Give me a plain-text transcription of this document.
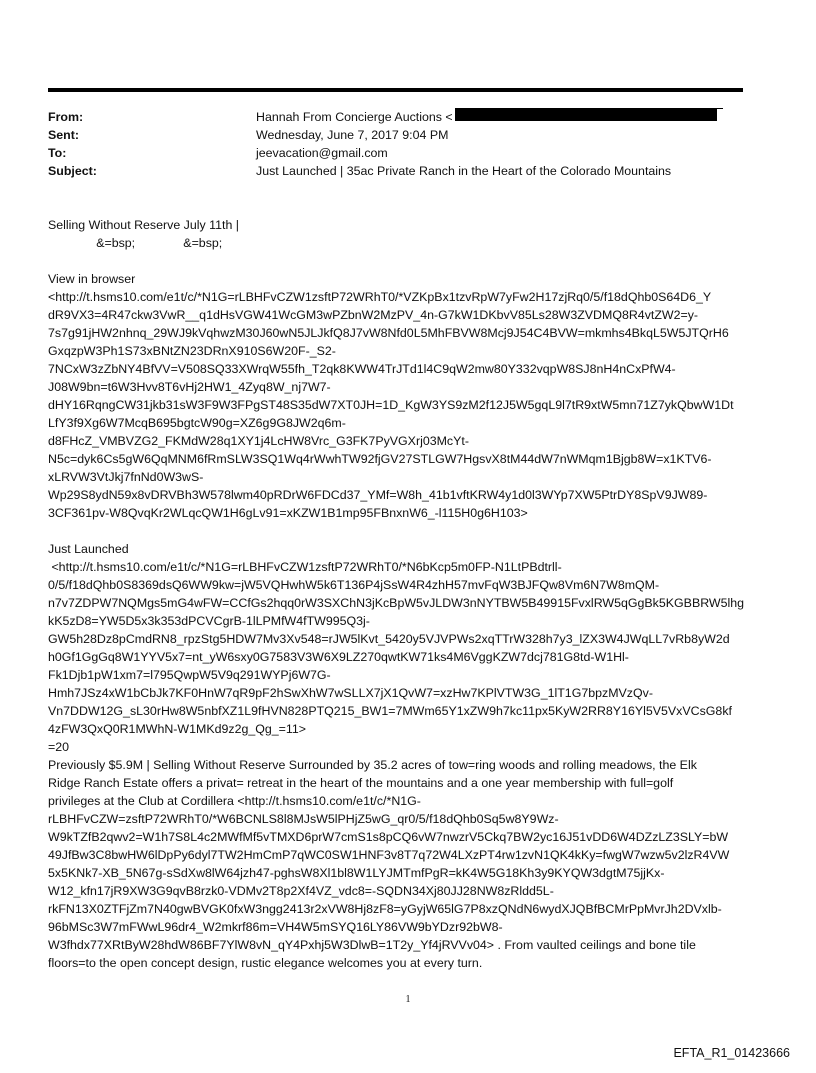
From:	Hannah From Concierge Auctions <
Sent:	Wednesday, June 7, 2017 9:04 PM
To:	jeevacation@gmail.com
Subject:	Just Launched | 35ac Private Ranch in the Heart of the Colorado Mountains
Selling Without Reserve July 11th |
&=bsp;              &=bsp;
View in browser
<http://t.hsms10.com/e1t/c/*N1G=rLBHFvCZW1zsftP72WRhT0/*VZKpBx1tzvRpW7yFw2H17zjRq0/5/f18dQhb0S64D6_Y
dR9VX3=4R47ckw3VwR__q1dHsVGW41WcGM3wPZbnW2MzPV_4n-G7kW1DKbvV85Ls28W3ZVDMQ8R4vtZW2=y-
7s7g91jHW2nhnq_29WJ9kVqhwzM30J60wN5JLJkfQ8J7vW8Nfd0L5MhFBVW8Mcj9J54C4BVW=mkmhs4BkqL5W5JTQrH6
GxqzpW3Ph1S73xBNtZN23DRnX910S6W20F-_S2-
7NCxW3zZbNY4BfVV=V508SQ33XWrqW55fh_T2qk8KWW4TrJTd1l4C9qW2mw80Y332vqpW8SJ8nH4nCxPfW4-
J08W9bn=t6W3Hvv8T6vHj2HW1_4Zyq8W_nj7W7-
dHY16RqngCW31jkb31sW3F9W3FPgST48S35dW7XT0JH=1D_KgW3YS9zM2f12J5W5gqL9l7tR9xtW5mn71Z7ykQbwW1Dt
LfY3f9Xg6W7McqB695bgtcW90g=XZ6g9G8JW2q6m-
d8FHcZ_VMBVZG2_FKMdW28q1XY1j4LcHW8Vrc_G3FK7PyVGXrj03McYt-
N5c=dyk6Cs5gW6QqMNM6fRmSLW3SQ1Wq4rWwhTW92fjGV27STLGW7HgsvX8tM44dW7nWMqm1Bjgb8W=x1KTV6-
xLRVW3VtJkj7fnNd0W3wS-
Wp29S8ydN59x8vDRVBh3W578lwm40pRDrW6FDCd37_YMf=W8h_41b1vftKRW4y1d0l3WYp7XW5PtrDY8SpV9JW89-
3CF361pv-W8QvqKr2WLqcQW1H6gLv91=xKZW1B1mp95FBnxnW6_-l115H0g6H103>
Just Launched
<http://t.hsms10.com/e1t/c/*N1G=rLBHFvCZW1zsftP72WRhT0/*N6bKcp5m0FP-N1LtPBdtrll-
0/5/f18dQhb0S8369dsQ6WW9kw=jW5VQHwhW5k6T136P4jSsW4R4zhH57mvFqW3BJFQw8Vm6N7W8mQM-
n7v7ZDPW7NQMgs5mG4wFW=CCfGs2hqq0rW3SXChN3jKcBpW5vJLDW3nNYTBW5B49915FvxlRW5qGgBk5KGBBRW5lhg
kK5zD8=YW5D5x3k353dPCVCgrB-1lLPMfW4fTW995Q3j-
GW5h28Dz8pCmdRN8_rpzStg5HDW7Mv3Xv548=rJW5lKvt_5420y5VJVPWs2xqTTrW328h7y3_lZX3W4JWqLL7vRb8yW2d
h0Gf1GgGq8W1YYV5x7=nt_yW6sxy0G7583V3W6X9LZ270qwtKW71ks4M6VggKZW7dcj781G8td-W1Hl-
Fk1Djb1pW1xm7=l795QwpW5V9q291WYPj6W7G-
Hmh7JSz4xW1bCbJk7KF0HnW7qR9pF2hSwXhW7wSLLX7jX1QvW7=xzHw7KPlVTW3G_1lT1G7bpzMVzQv-
Vn7DDW12G_sL30rHw8W5nbfXZ1L9fHVN828PTQ215_BW1=7MWm65Y1xZW9h7kc11px5KyW2RR8Y16Yl5V5VxVCsG8kf
4zFW3QxQ0R1MWhN-W1MKd9z2g_Qg_=11>
=20
Previously $5.9M | Selling Without Reserve Surrounded by 35.2 acres of tow=ring woods and rolling meadows, the Elk
Ridge Ranch Estate offers a privat= retreat in the heart of the mountains and a one year membership with full=golf
privileges at the Club at Cordillera <http://t.hsms10.com/e1t/c/*N1G-
rLBHFvCZW=zsftP72WRhT0/*W6BCNLS8l8MJsW5lPHjZ5wG_qr0/5/f18dQhb0Sq5w8Y9Wz-
W9kTZfB2qwv2=W1h7S8L4c2MWfMf5vTMXD6prW7cmS1s8pCQ6vW7nwzrV5Ckq7BW2yc16J51vDD6W4DZzLZ3SLY=bW
49JfBw3C8bwHW6lDpPy6dyl7TW2HmCmP7qWC0SW1HNF3v8T7q72W4LXzPT4rw1zvN1QK4kKy=fwgW7wzw5v2lzR4VW
5x5KNk7-XB_5N67g-sSdXw8lW64jzh47-pghsW8Xl1bl8W1LYJMTmfPgR=kK4W5G18Kh3y9KYQW3dgtM75jjKx-
W12_kfn17jR9XW3G9qvB8rzk0-VDMv2T8p2Xf4VZ_vdc8=-SQDN34Xj80JJ28NW8zRldd5L-
rkFN13X0ZTFjZm7N40gwBVGK0fxW3ngg2413r2xVW8Hj8zF8=yGyjW65lG7P8xzQNdN6wydXJQBfBCMrPpMvrJh2DVxlb-
96bMSc3W7mFWwL96dr4_W2mkrf86m=VH4W5mSYQ16LY86VW9bYDzr92bW8-
W3fhdx77XRtByW28hdW86BF7YlW8vN_qY4Pxhj5W3DlwB=1T2y_Yf4jRVVv04> . From vaulted ceilings and bone tile
floors=to the open concept design, rustic elegance welcomes you at every turn.
1
EFTA_R1_01423666
